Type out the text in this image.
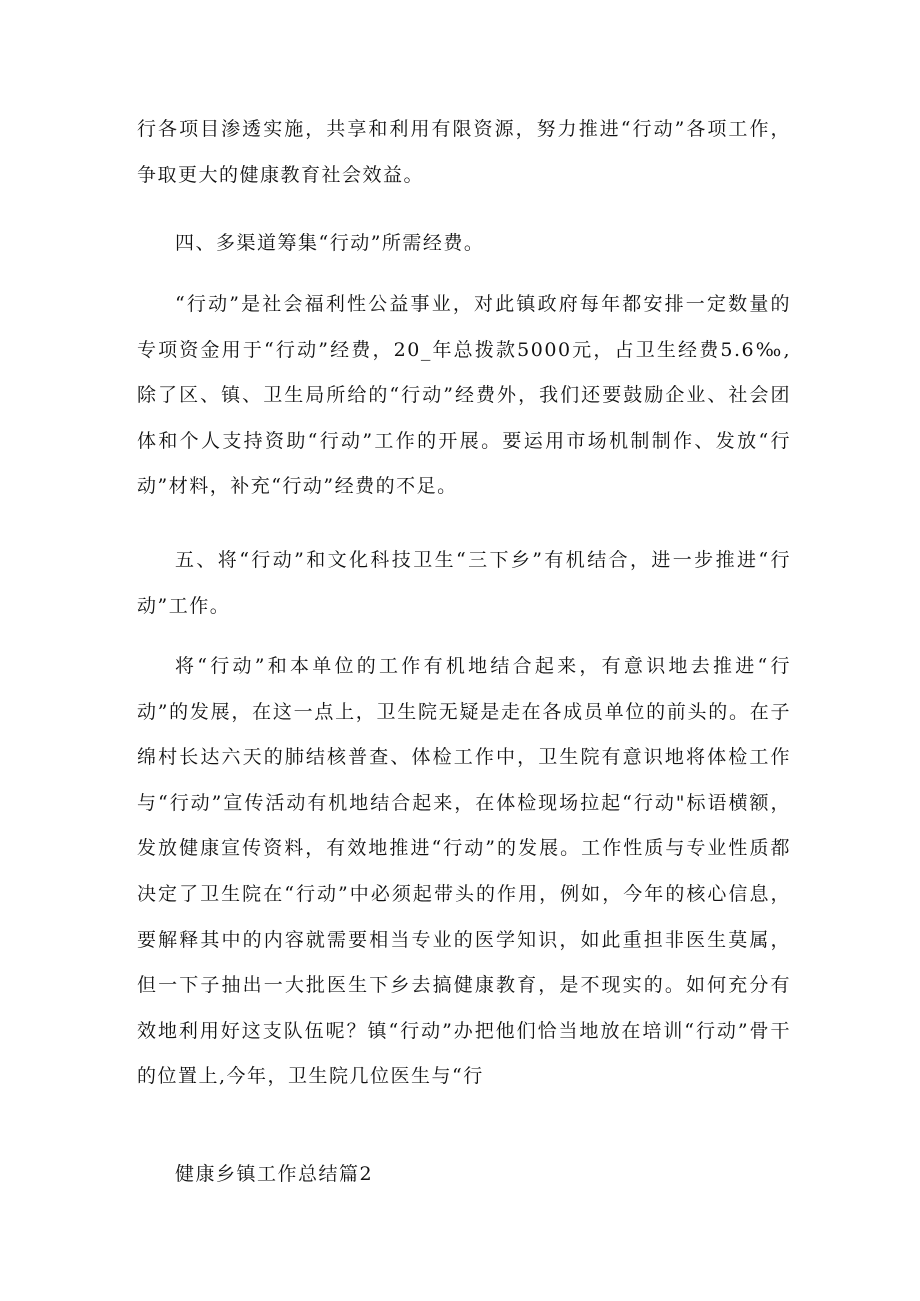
行各项目渗透实施，共享和利用有限资源，努力推进“行动”各项工作，争取更大的健康教育社会效益。

四、多渠道筹集“行动”所需经费。

“行动”是社会福利性公益事业，对此镇政府每年都安排一定数量的专项资金用于“行动”经费，20_年总拨款5000元，占卫生经费5.6‰,除了区、镇、卫生局所给的“行动”经费外，我们还要鼓励企业、社会团体和个人支持资助“行动”工作的开展。要运用市场机制制作、发放“行动”材料，补充“行动”经费的不足。

五、将“行动”和文化科技卫生“三下乡”有机结合，进一步推进“行动”工作。

将“行动”和本单位的工作有机地结合起来，有意识地去推进“行动”的发展，在这一点上，卫生院无疑是走在各成员单位的前头的。在子绵村长达六天的肺结核普查、体检工作中，卫生院有意识地将体检工作与“行动”宣传活动有机地结合起来，在体检现场拉起“行动"标语横额，发放健康宣传资料，有效地推进“行动”的发展。工作性质与专业性质都决定了卫生院在“行动”中必须起带头的作用，例如，今年的核心信息，要解释其中的内容就需要相当专业的医学知识，如此重担非医生莫属，但一下子抽出一大批医生下乡去搞健康教育，是不现实的。如何充分有效地利用好这支队伍呢？镇“行动”办把他们恰当地放在培训“行动”骨干的位置上,今年，卫生院几位医生与“行

健康乡镇工作总结篇2
